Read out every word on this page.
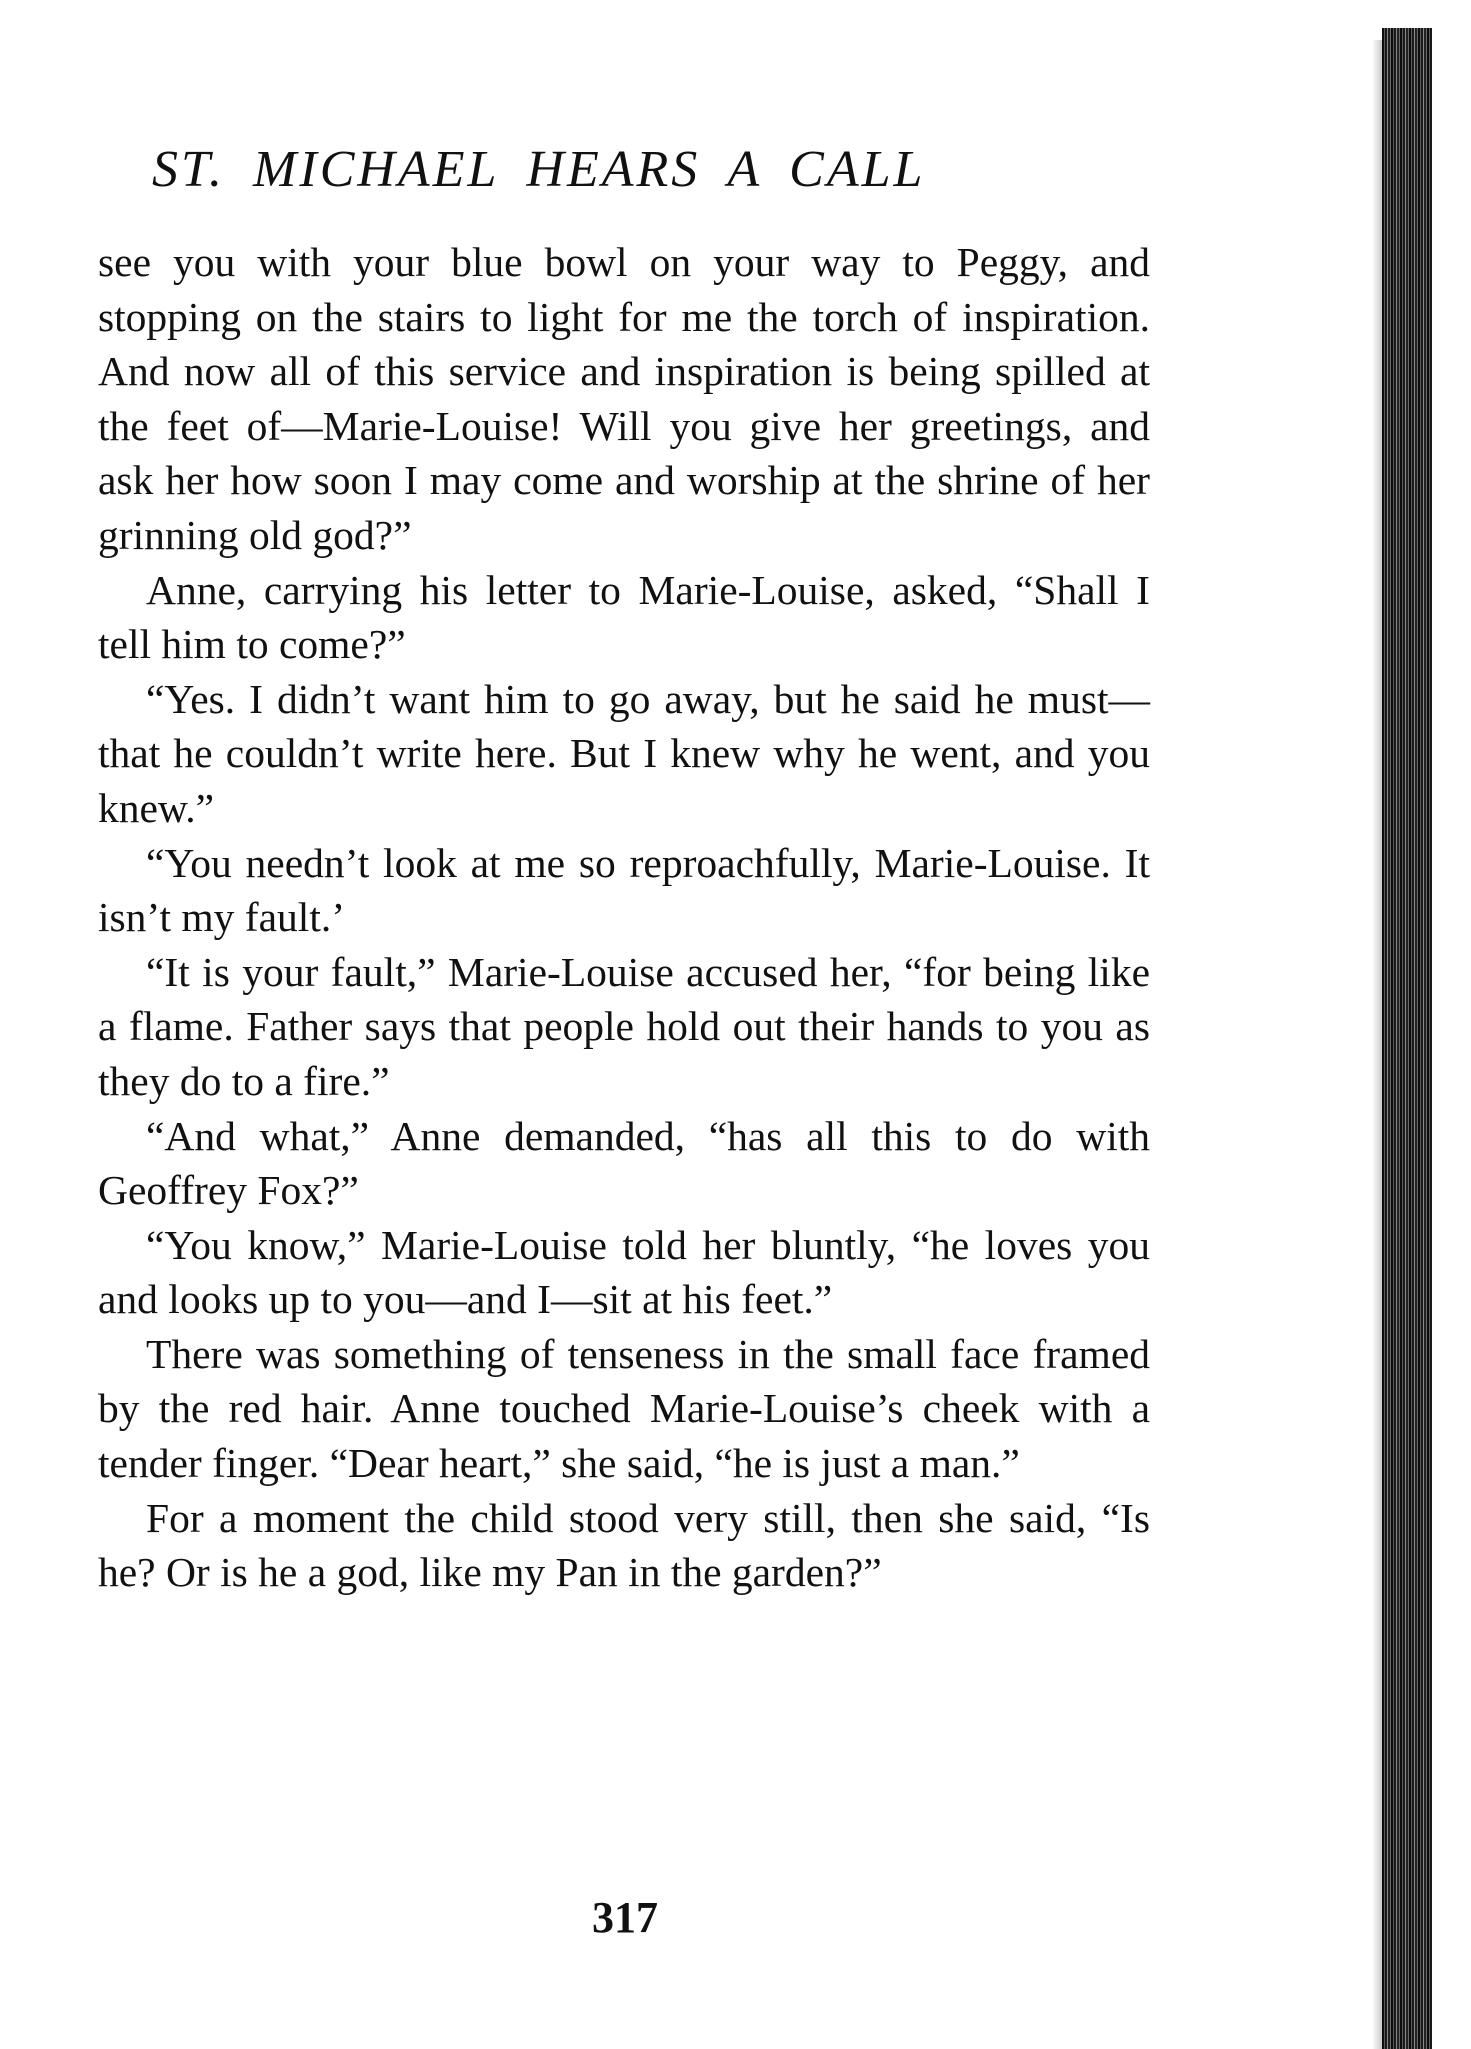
ST. MICHAEL HEARS A CALL

see you with your blue bowl on your way to Peggy, and stopping on the stairs to light for me the torch of inspiration. And now all of this service and inspiration is being spilled at the feet of—Marie-Louise! Will you give her greetings, and ask her how soon I may come and worship at the shrine of her grinning old god?”

Anne, carrying his letter to Marie-Louise, asked, “Shall I tell him to come?”

“Yes. I didn’t want him to go away, but he said he must—that he couldn’t write here. But I knew why he went, and you knew.”

“You needn’t look at me so reproachfully, Marie-Louise. It isn’t my fault.’

“It is your fault,” Marie-Louise accused her, “for being like a flame. Father says that people hold out their hands to you as they do to a fire.”

“And what,” Anne demanded, “has all this to do with Geoffrey Fox?”

“You know,” Marie-Louise told her bluntly, “he loves you and looks up to you—and I—sit at his feet.”

There was something of tenseness in the small face framed by the red hair. Anne touched Marie-Louise’s cheek with a tender finger. “Dear heart,” she said, “he is just a man.”

For a moment the child stood very still, then she said, “Is he? Or is he a god, like my Pan in the garden?”

317
